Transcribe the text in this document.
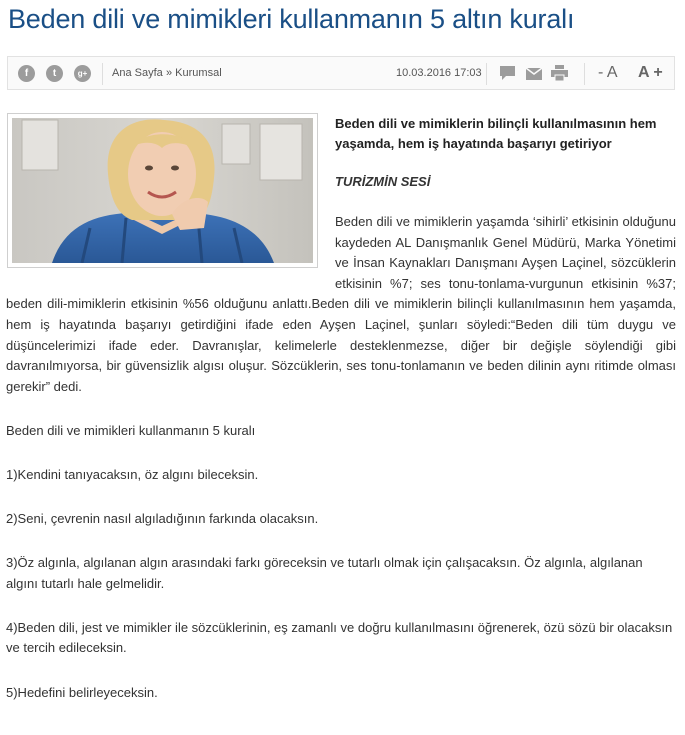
Beden dili ve mimikleri kullanmanın 5 altın kuralı
f	t	g+	Ana Sayfa » Kurumsal	10.03.2016 17:03	- A A +
Beden dili ve mimiklerin bilinçli kullanılmasının hem yaşamda, hem iş hayatında başarıyı getiriyor
TURİZMİN SESİ

Beden dili ve mimiklerin yaşamda ‘sihirli’ etkisinin olduğunu kaydeden AL Danışmanlık Genel Müdürü, Marka Yönetimi ve İnsan Kaynakları Danışmanı Ayşen Laçinel, sözcüklerin etkisinin %7; ses tonu-tonlama-vurgunun etkisinin %37; beden dili-mimiklerin etkisinin %56 olduğunu anlattı.Beden dili ve mimiklerin bilinçli kullanılmasının hem yaşamda, hem iş hayatında başarıyı getirdiğini ifade eden Ayşen Laçinel, şunları söyledi:“Beden dili tüm duygu ve düşüncelerimizi ifade eder. Davranışlar, kelimelerle desteklenmezse, diğer bir değişle söylendiği gibi davranılmıyorsa, bir güvensizlik algısı oluşur. Sözcüklerin, ses tonu-tonlamanın ve beden dilinin aynı ritimde olması gerekir” dedi.

Beden dili ve mimikleri kullanmanın 5 kuralı

1)Kendini tanıyacaksın, öz algını bileceksin.

2)Seni, çevrenin nasıl algıladığının farkında olacaksın.

3)Öz algınla, algılanan algın arasındaki farkı göreceksin ve tutarlı olmak için çalışacaksın. Öz algınla, algılanan algını tutarlı hale gelmelidir.

4)Beden dili, jest ve mimikler ile sözcüklerinin, eş zamanlı ve doğru kullanılmasını öğrenerek, özü sözü bir olacaksın ve tercih edileceksin.

5)Hedefini belirleyeceksin.
